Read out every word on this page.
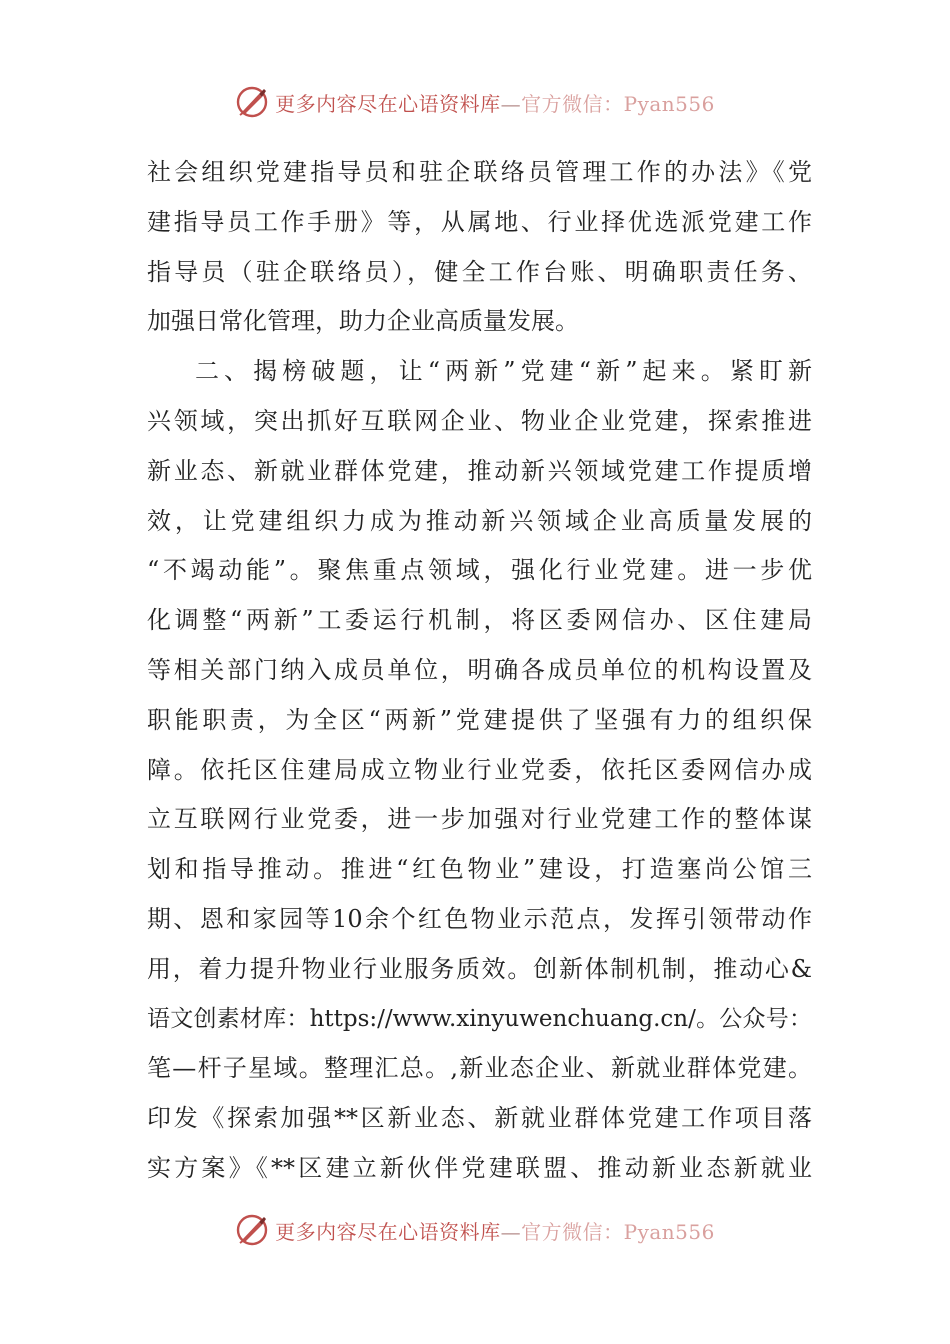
更多内容尽在心语资料库—官方微信：Pyan556
社会组织党建指导员和驻企联络员管理工作的办法》《党
建指导员工作手册》等，从属地、行业择优选派党建工作
指导员（驻企联络员），健全工作台账、明确职责任务、
加强日常化管理，助力企业高质量发展。
二、揭榜破题，让“两新”党建“新”起来。紧盯新
兴领域，突出抓好互联网企业、物业企业党建，探索推进
新业态、新就业群体党建，推动新兴领域党建工作提质增
效，让党建组织力成为推动新兴领域企业高质量发展的
“不竭动能”。聚焦重点领域，强化行业党建。进一步优
化调整“两新”工委运行机制，将区委网信办、区住建局
等相关部门纳入成员单位，明确各成员单位的机构设置及
职能职责，为全区“两新”党建提供了坚强有力的组织保
障。依托区住建局成立物业行业党委，依托区委网信办成
立互联网行业党委，进一步加强对行业党建工作的整体谋
划和指导推动。推进“红色物业”建设，打造塞尚公馆三
期、恩和家园等10余个红色物业示范点，发挥引领带动作
用，着力提升物业行业服务质效。创新体制机制，推动心&
语文创素材库：https://www.xinyuwenchuang.cn/。公众号：
笔—杆子星域。整理汇总。,新业态企业、新就业群体党建。
印发《探索加强**区新业态、新就业群体党建工作项目落
实方案》《**区建立新伙伴党建联盟、推动新业态新就业
更多内容尽在心语资料库—官方微信：Pyan556
